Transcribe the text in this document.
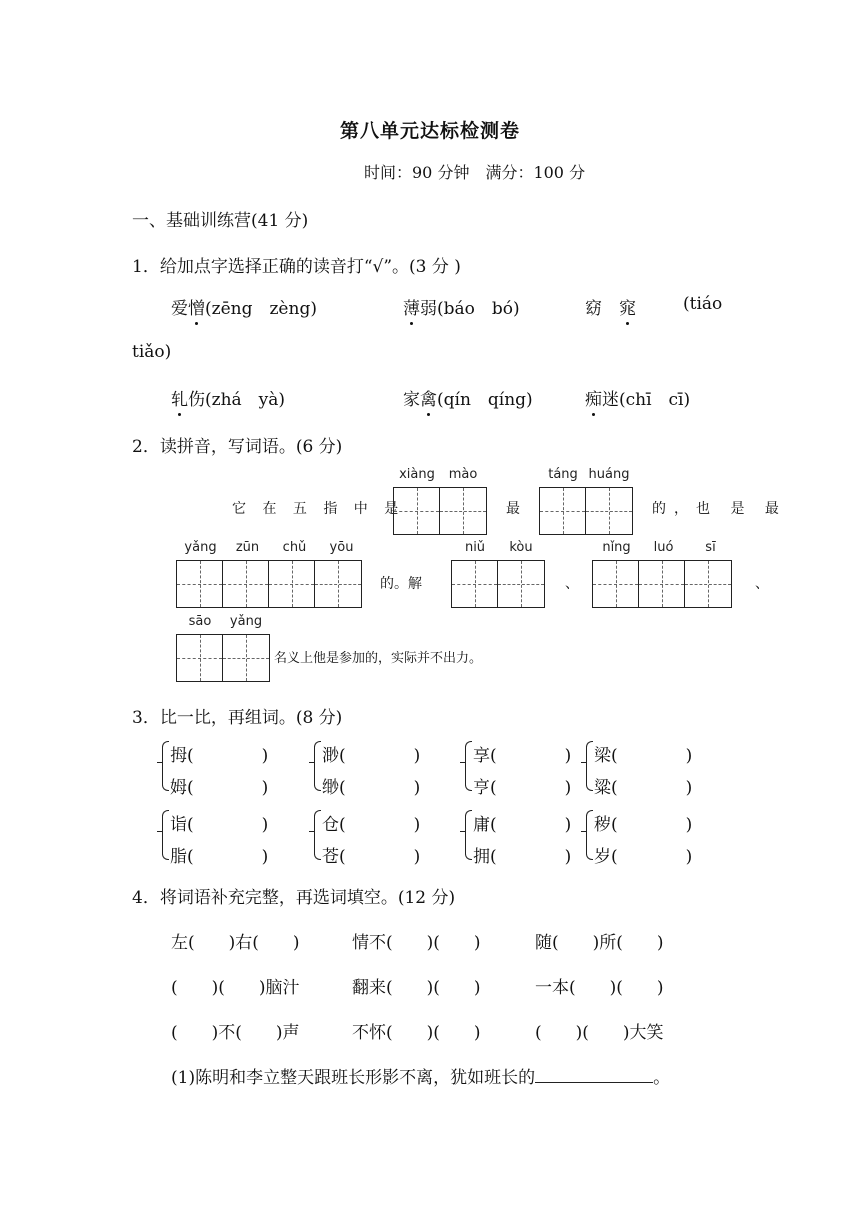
第八单元达标检测卷
时间：90 分钟　满分：100 分
一、基础训练营(41 分)
1．给加点字选择正确的读音打“√”。(3 分 )
爱憎(zēng　zèng)	薄弱(báo　bó)	窈　窕	(tiáo
tiǎo)
轧伤(zhá　yà)	家禽(qín　qíng)	痴迷(chī　cī)
2．读拼音，写词语。(6 分)
它 在 五 指 中 是
xiàng	mào
最
táng huáng
的，也 是 最
yǎng	zūn	chǔ	yōu
的。解
niǔ	kòu
、
nǐng	luó	sī
、
sāo	yǎng
名义上他是参加的，实际并不出力。
3．比一比，再组词。(8 分)
拇(　　　　)
姆(　　　　)
渺(　　　　)
缈(　　　　)
享(　　　　)
亨(　　　　)
梁(　　　　)
粱(　　　　)
诣(　　　　)
脂(　　　　)
仓(　　　　)
苍(　　　　)
庸(　　　　)
拥(　　　　)
秽(　　　　)
岁(　　　　)
4．将词语补充完整，再选词填空。(12 分)
左(　　)右(　　)	情不(　　)(　　)	随(　　)所(　　)
(　　)(　　)脑汁	翻来(　　)(　　)	一本(　　)(　　)
(　　)不(　　)声	不怀(　　)(　　)	(　　)(　　)大笑
(1)陈明和李立整天跟班长形影不离，犹如班长的	。
